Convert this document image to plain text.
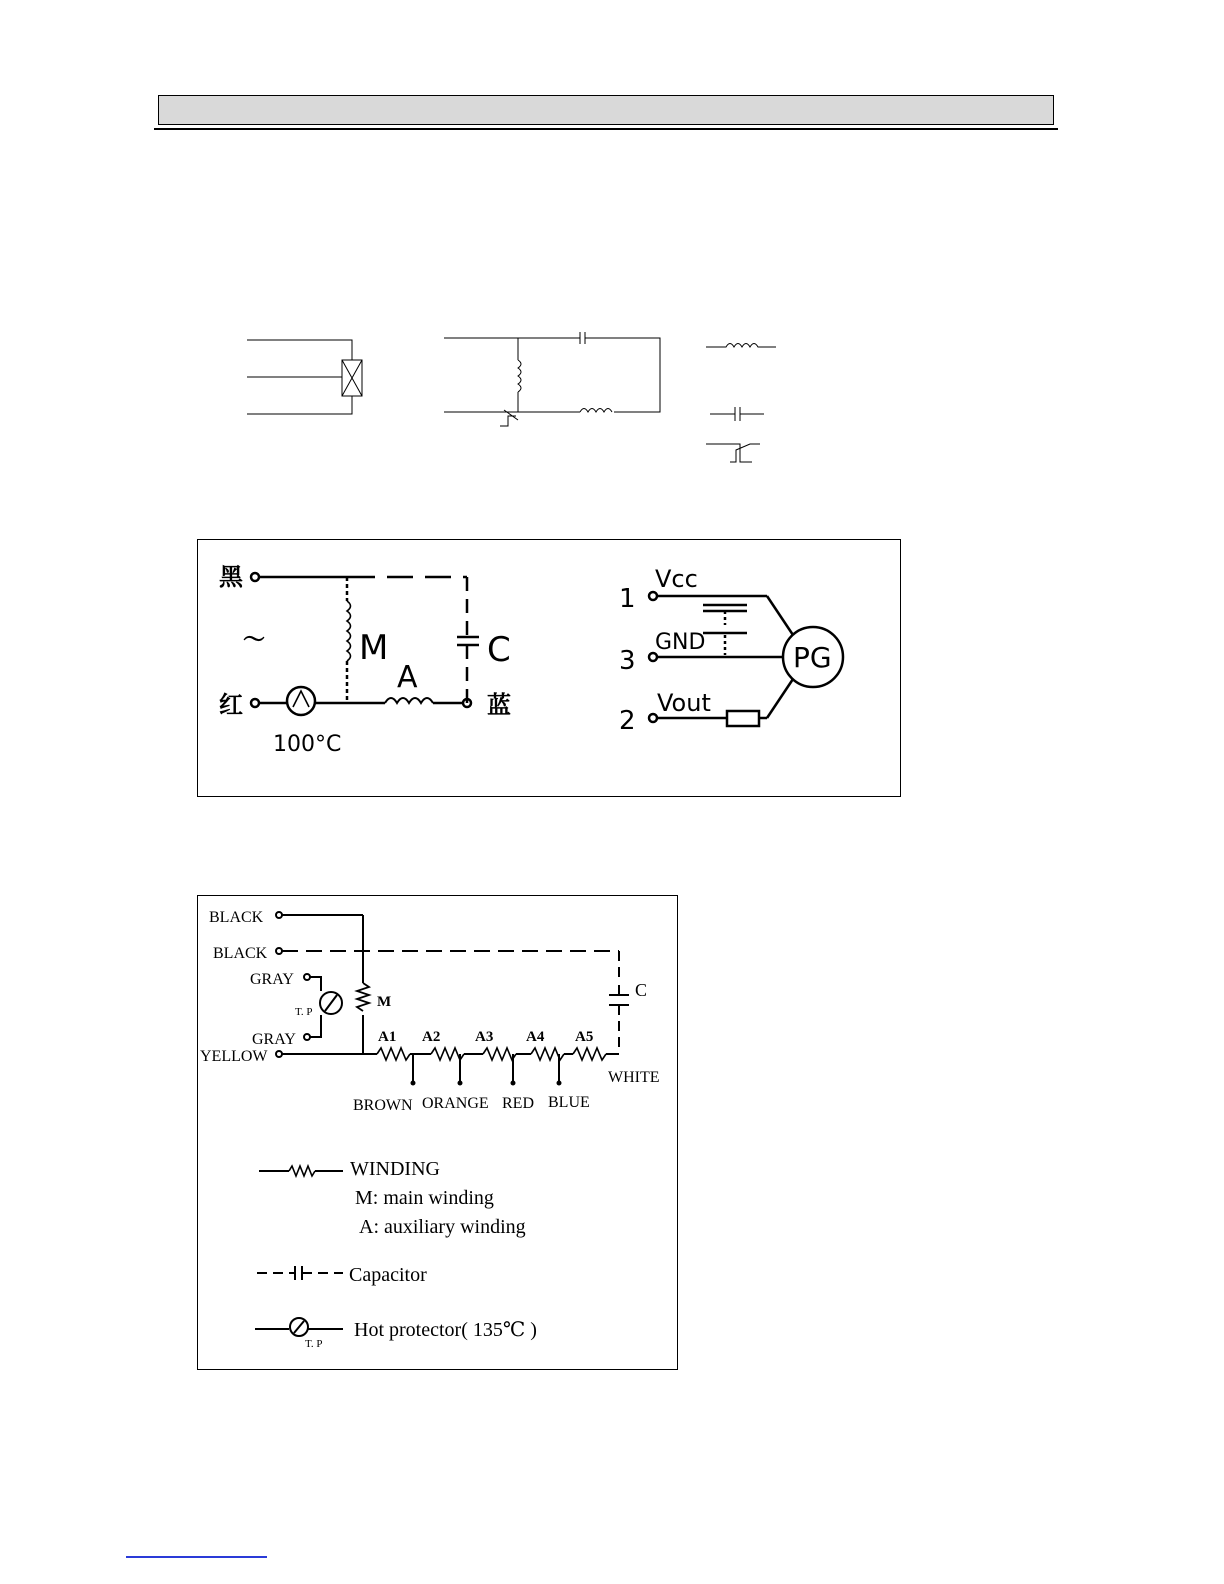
黑
～
红	蓝
M
A
C
100°C
1
Vcc
3
GND
2
Vout
PG
BLACK
BLACK
GRAY
T. P
GRAY
YELLOW
M
C
A1 A2 A3 A4 A5
WHITE
BROWN ORANGE RED BLUE
WINDING
M: main winding
A: auxiliary winding
Capacitor
Hot protector( 135℃ )
T. P
